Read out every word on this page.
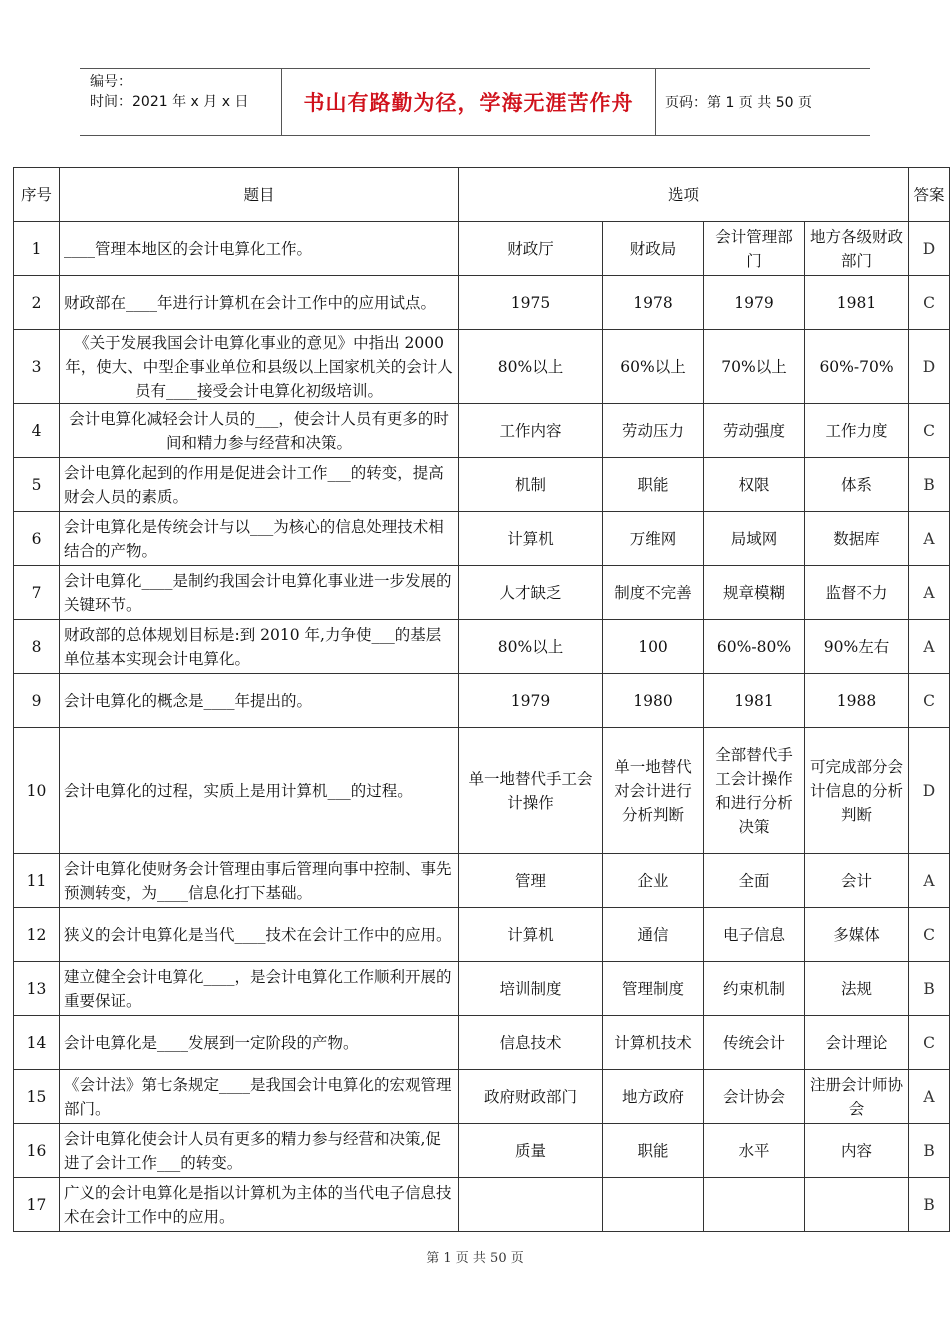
编号：
时间：2021 年 x 月 x 日	书山有路勤为径，学海无涯苦作舟	页码：第 1 页 共 50 页
序号	题目	选项				答案
1	____管理本地区的会计电算化工作。	财政厅	财政局	会计管理部门	地方各级财政部门	D
2	财政部在____年进行计算机在会计工作中的应用试点。	1975	1978	1979	1981	C
3	《关于发展我国会计电算化事业的意见》中指出 2000 年，使大、中型企事业单位和县级以上国家机关的会计人员有____接受会计电算化初级培训。	80%以上	60%以上	70%以上	60%-70%	D
4	会计电算化减轻会计人员的___，使会计人员有更多的时间和精力参与经营和决策。	工作内容	劳动压力	劳动强度	工作力度	C
5	会计电算化起到的作用是促进会计工作___的转变，提高财会人员的素质。	机制	职能	权限	体系	B
6	会计电算化是传统会计与以___为核心的信息处理技术相结合的产物。	计算机	万维网	局域网	数据库	A
7	会计电算化____是制约我国会计电算化事业进一步发展的关键环节。	人才缺乏	制度不完善	规章模糊	监督不力	A
8	财政部的总体规划目标是:到 2010 年,力争使___的基层单位基本实现会计电算化。	80%以上	100	60%-80%	90%左右	A
9	会计电算化的概念是____年提出的。	1979	1980	1981	1988	C
10	会计电算化的过程，实质上是用计算机___的过程。	单一地替代手工会计操作	单一地替代对会计进行分析判断	全部替代手工会计操作和进行分析决策	可完成部分会计信息的分析判断	D
11	会计电算化使财务会计管理由事后管理向事中控制、事先预测转变，为____信息化打下基础。	管理	企业	全面	会计	A
12	狭义的会计电算化是当代____技术在会计工作中的应用。	计算机	通信	电子信息	多媒体	C
13	建立健全会计电算化____，是会计电算化工作顺利开展的重要保证。	培训制度	管理制度	约束机制	法规	B
14	会计电算化是____发展到一定阶段的产物。	信息技术	计算机技术	传统会计	会计理论	C
15	《会计法》第七条规定____是我国会计电算化的宏观管理部门。	政府财政部门	地方政府	会计协会	注册会计师协会	A
16	会计电算化使会计人员有更多的精力参与经营和决策,促进了会计工作___的转变。	质量	职能	水平	内容	B
17	广义的会计电算化是指以计算机为主体的当代电子信息技术在会计工作中的应用。					B
第 1 页 共 50 页
